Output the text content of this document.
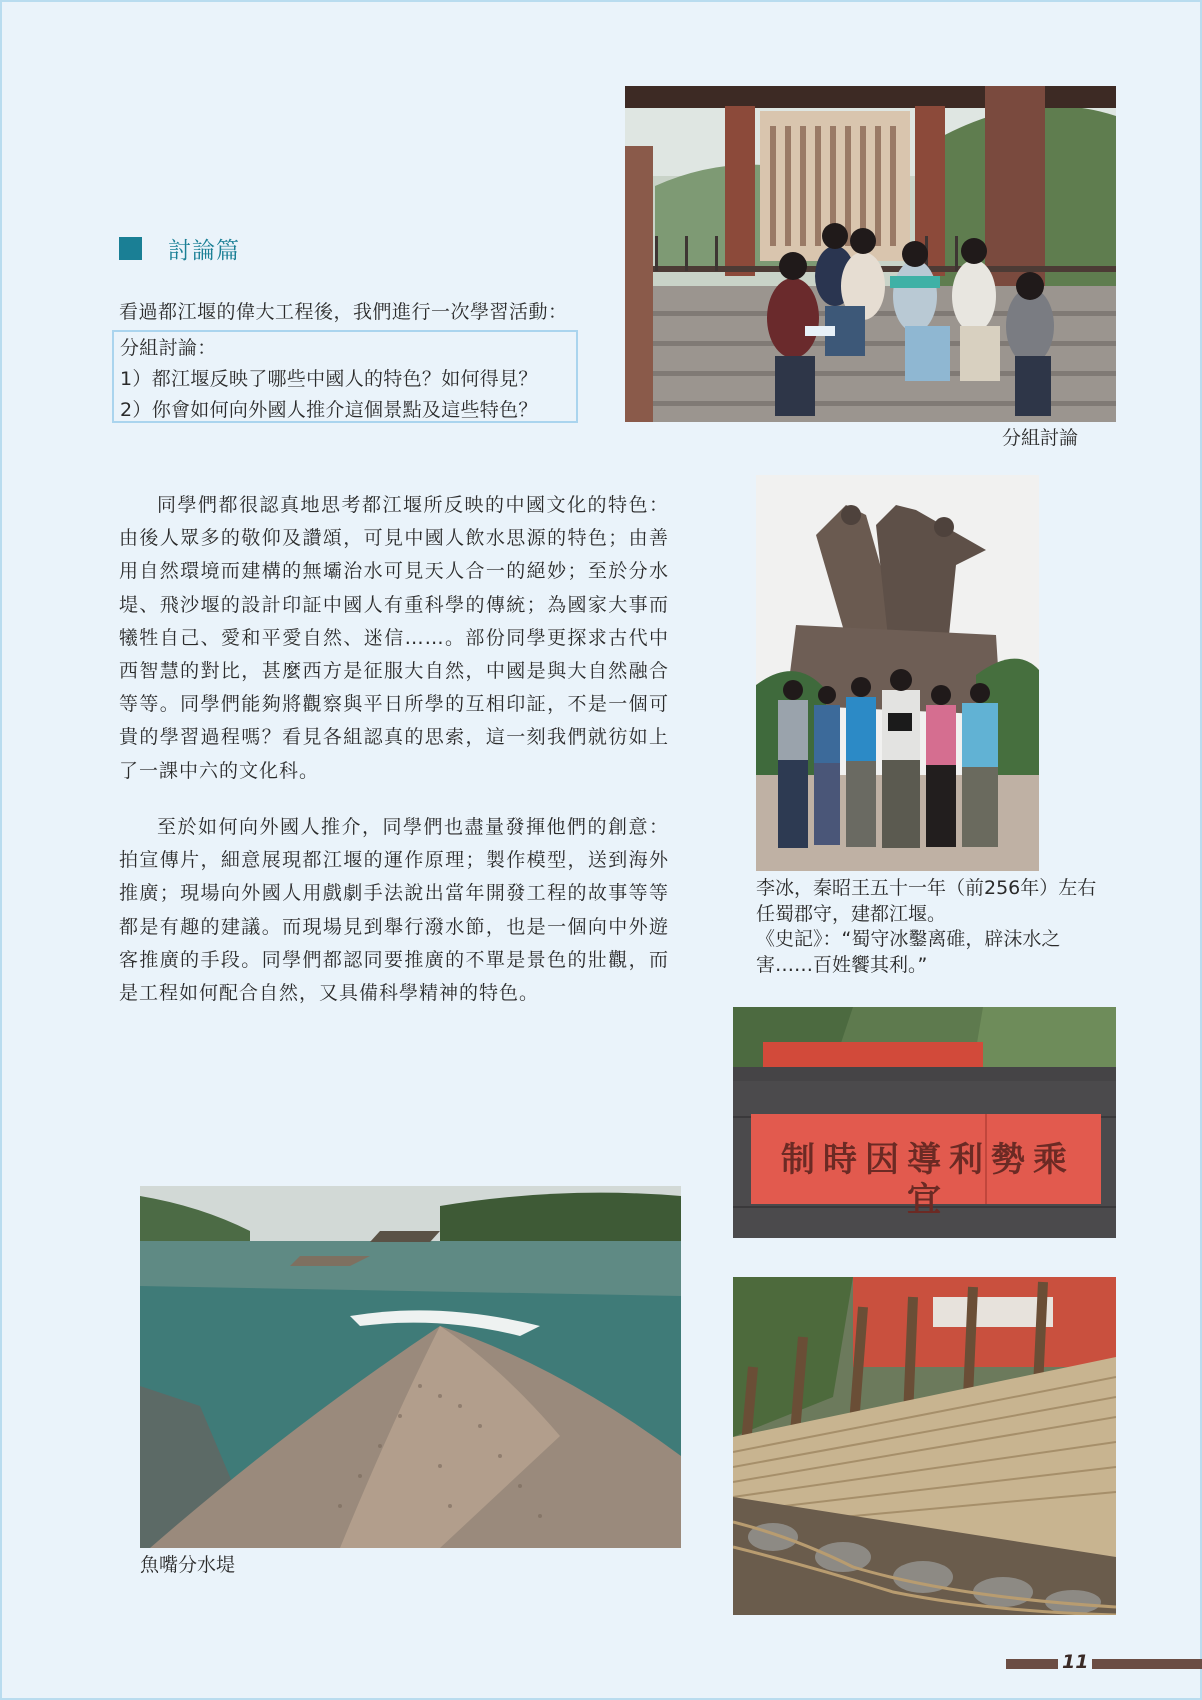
討論篇
看過都江堰的偉大工程後，我們進行一次學習活動：
分組討論：
1）都江堰反映了哪些中國人的特色？如何得見？
2）你會如何向外國人推介這個景點及這些特色？
同學們都很認真地思考都江堰所反映的中國文化的特色：由後人眾多的敬仰及讚頌，可見中國人飲水思源的特色；由善用自然環境而建構的無壩治水可見天人合一的絕妙；至於分水堤、飛沙堰的設計印証中國人有重科學的傳統；為國家大事而犧牲自己、愛和平愛自然、迷信……。部份同學更探求古代中西智慧的對比，甚麼西方是征服大自然，中國是與大自然融合等等。同學們能夠將觀察與平日所學的互相印証，不是一個可貴的學習過程嗎？看見各組認真的思索，這一刻我們就彷如上了一課中六的文化科。
至於如何向外國人推介，同學們也盡量發揮他們的創意：拍宣傳片，細意展現都江堰的運作原理；製作模型，送到海外推廣；現場向外國人用戲劇手法說出當年開發工程的故事等等都是有趣的建議。而現場見到舉行潑水節，也是一個向中外遊客推廣的手段。同學們都認同要推廣的不單是景色的壯觀，而是工程如何配合自然，又具備科學精神的特色。
分組討論
李冰，秦昭王五十一年（前256年）左右
任蜀郡守，建都江堰。
《史記》：“蜀守冰鑿离碓，辟沫水之
害……百姓饗其利。”
乘勢利導因時制宜
魚嘴分水堤
11
